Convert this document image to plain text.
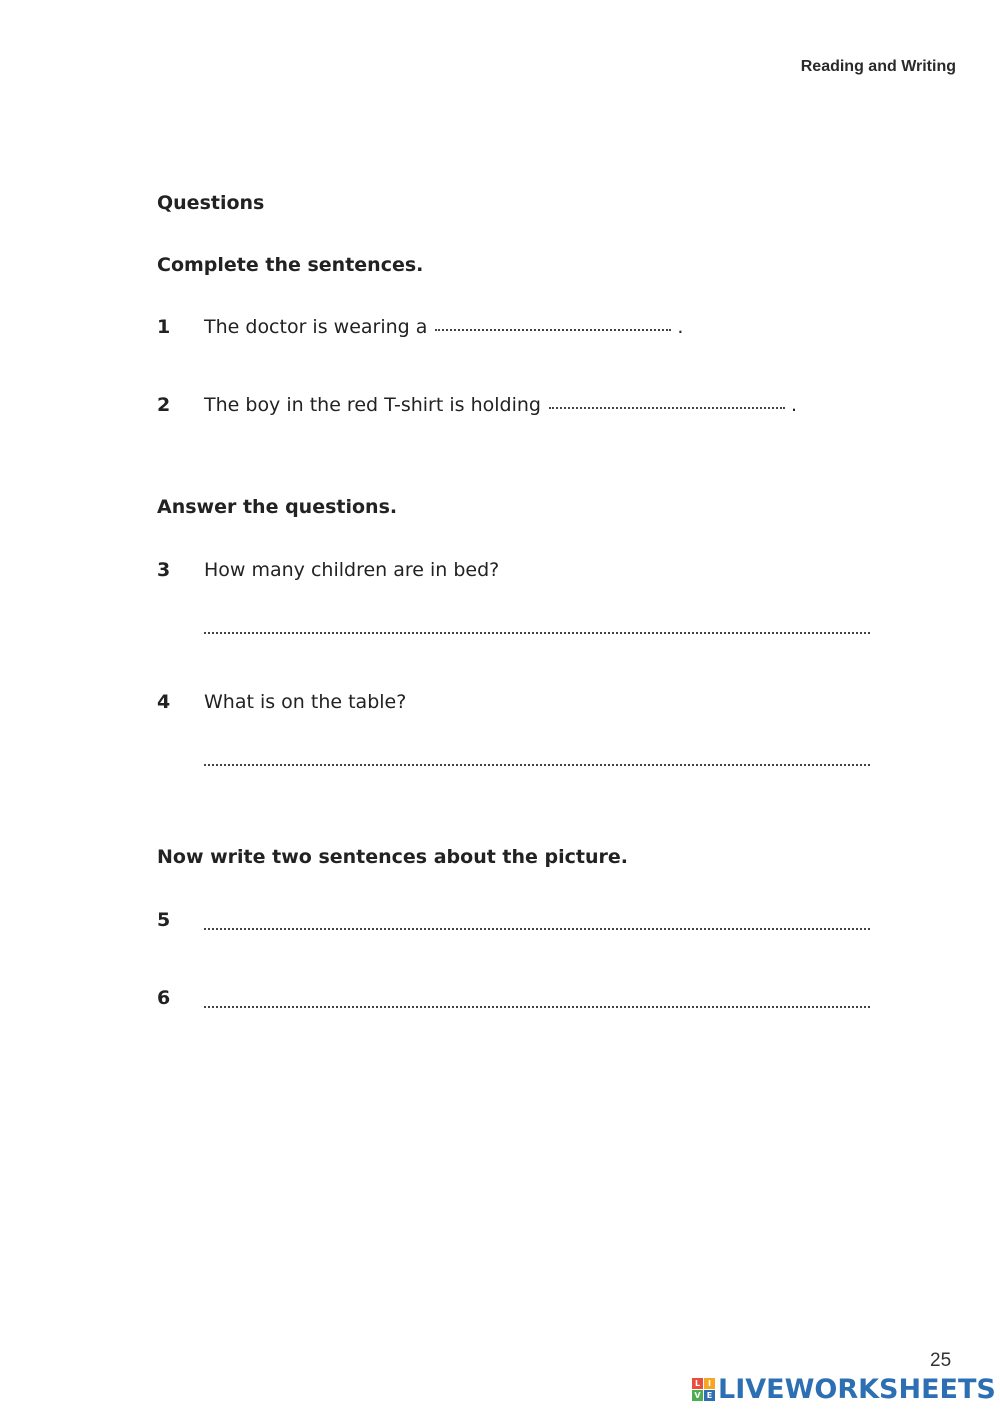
Reading and Writing
Questions
Complete the sentences.
1 The doctor is wearing a	.
2 The boy in the red T-shirt is holding	.
Answer the questions.
3 How many children are in bed?
4 What is on the table?
Now write two sentences about the picture.
5
6
25
L I
V E LIVEWORKSHEETS
